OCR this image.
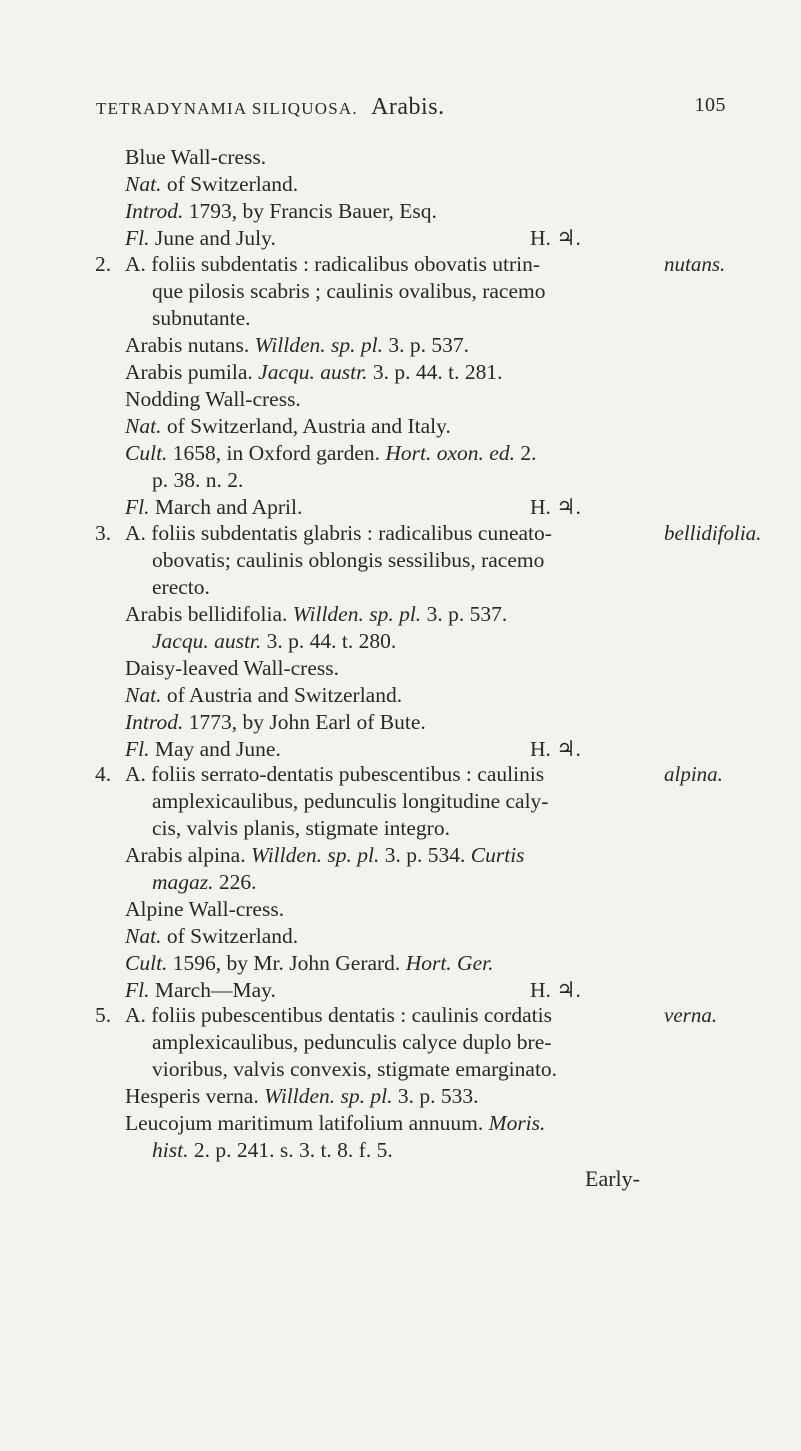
TETRADYNAMIA SILIQUOSA. Arabis.	105
Blue Wall-cress.
Nat. of Switzerland.
Introd. 1793, by Francis Bauer, Esq.
Fl. June and July.	H. ♃.
2. A. foliis subdentatis : radicalibus obovatis utrin-	nutans.
que pilosis scabris ; caulinis ovalibus, racemo
subnutante.
Arabis nutans. Willden. sp. pl. 3. p. 537.
Arabis pumila. Jacqu. austr. 3. p. 44. t. 281.
Nodding Wall-cress.
Nat. of Switzerland, Austria and Italy.
Cult. 1658, in Oxford garden. Hort. oxon. ed. 2.
p. 38. n. 2.
Fl. March and April.	H. ♃.
3. A. foliis subdentatis glabris : radicalibus cuneato-	bellidifolia.
obovatis; caulinis oblongis sessilibus, racemo
erecto.
Arabis bellidifolia. Willden. sp. pl. 3. p. 537.
Jacqu. austr. 3. p. 44. t. 280.
Daisy-leaved Wall-cress.
Nat. of Austria and Switzerland.
Introd. 1773, by John Earl of Bute.
Fl. May and June.	H. ♃.
4. A. foliis serrato-dentatis pubescentibus : caulinis	alpina.
amplexicaulibus, pedunculis longitudine caly-
cis, valvis planis, stigmate integro.
Arabis alpina. Willden. sp. pl. 3. p. 534. Curtis
magaz. 226.
Alpine Wall-cress.
Nat. of Switzerland.
Cult. 1596, by Mr. John Gerard. Hort. Ger.
Fl. March—May.	H. ♃.
5. A. foliis pubescentibus dentatis : caulinis cordatis	verna.
amplexicaulibus, pedunculis calyce duplo bre-
vioribus, valvis convexis, stigmate emarginato.
Hesperis verna. Willden. sp. pl. 3. p. 533.
Leucojum maritimum latifolium annuum. Moris.
hist. 2. p. 241. s. 3. t. 8. f. 5.
Early-
